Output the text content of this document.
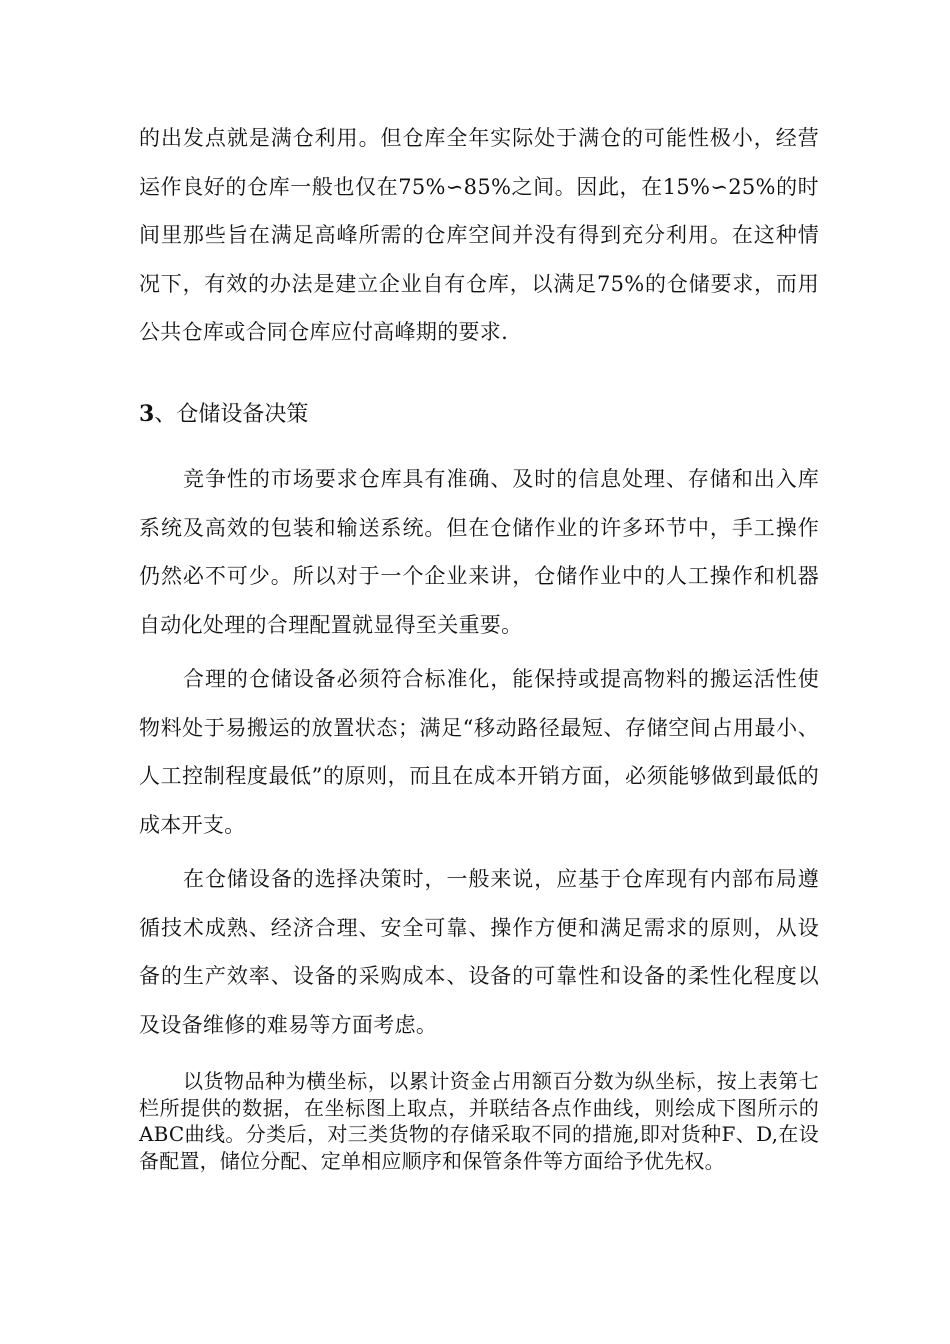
的出发点就是满仓利用。但仓库全年实际处于满仓的可能性极小，经营运作良好的仓库一般也仅在75%∽85%之间。因此，在15%∽25%的时间里那些旨在满足高峰所需的仓库空间并没有得到充分利用。在这种情况下，有效的办法是建立企业自有仓库，以满足75%的仓储要求，而用公共仓库或合同仓库应付高峰期的要求.

3、仓储设备决策

竞争性的市场要求仓库具有准确、及时的信息处理、存储和出入库系统及高效的包装和输送系统。但在仓储作业的许多环节中，手工操作仍然必不可少。所以对于一个企业来讲，仓储作业中的人工操作和机器自动化处理的合理配置就显得至关重要。

合理的仓储设备必须符合标准化，能保持或提高物料的搬运活性使物料处于易搬运的放置状态；满足“移动路径最短、存储空间占用最小、人工控制程度最低”的原则，而且在成本开销方面，必须能够做到最低的成本开支。

在仓储设备的选择决策时，一般来说，应基于仓库现有内部布局遵循技术成熟、经济合理、安全可靠、操作方便和满足需求的原则，从设备的生产效率、设备的采购成本、设备的可靠性和设备的柔性化程度以及设备维修的难易等方面考虑。

以货物品种为横坐标，以累计资金占用额百分数为纵坐标，按上表第七栏所提供的数据，在坐标图上取点，并联结各点作曲线，则绘成下图所示的ABC曲线。分类后，对三类货物的存储采取不同的措施,即对货种F、D,在设备配置，储位分配、定单相应顺序和保管条件等方面给予优先权。
